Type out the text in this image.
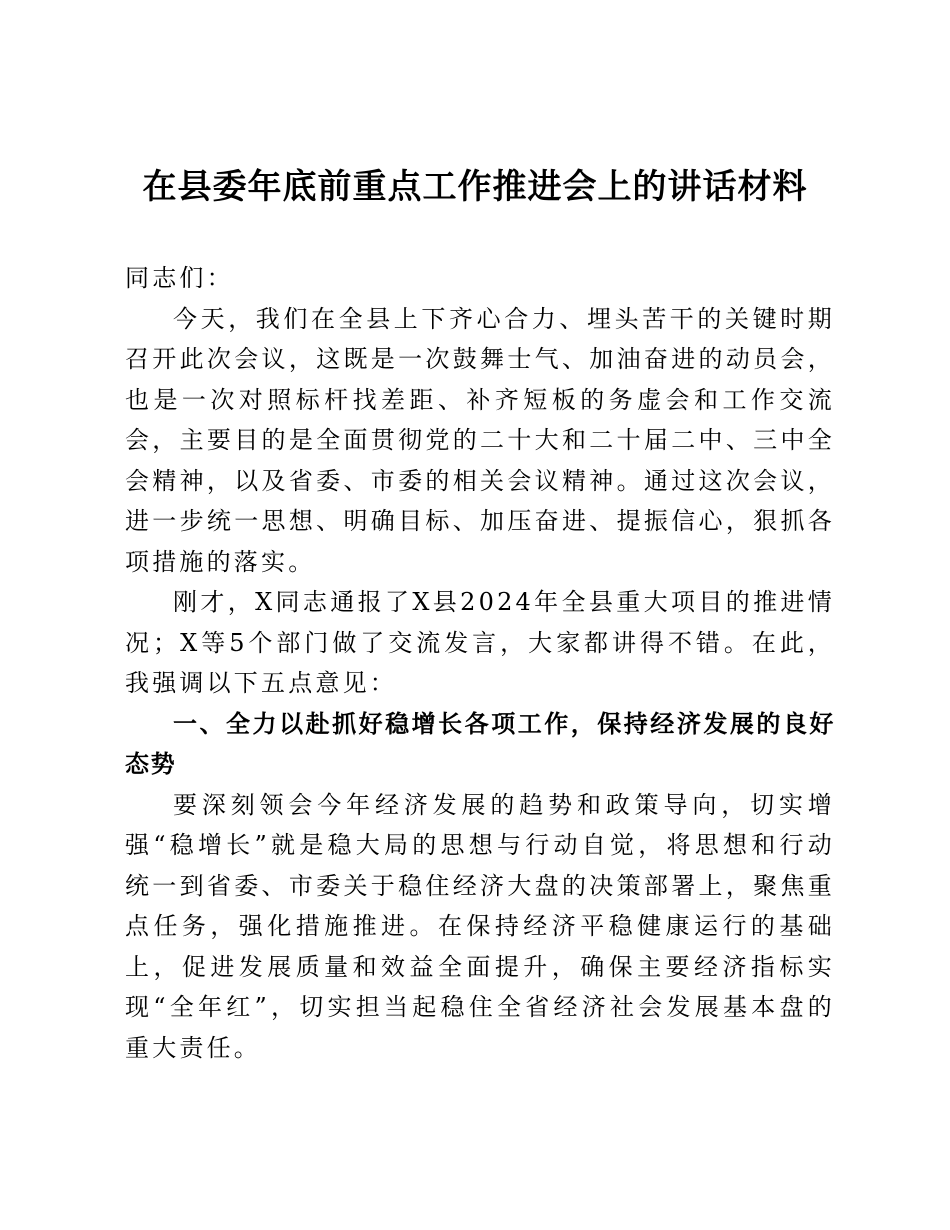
在县委年底前重点工作推进会上的讲话材料

同志们：

今天，我们在全县上下齐心合力、埋头苦干的关键时期召开此次会议，这既是一次鼓舞士气、加油奋进的动员会，也是一次对照标杆找差距、补齐短板的务虚会和工作交流会，主要目的是全面贯彻党的二十大和二十届二中、三中全会精神，以及省委、市委的相关会议精神。通过这次会议，进一步统一思想、明确目标、加压奋进、提振信心，狠抓各项措施的落实。

刚才，X同志通报了X县2024年全县重大项目的推进情况；X等5个部门做了交流发言，大家都讲得不错。在此，我强调以下五点意见：

一、全力以赴抓好稳增长各项工作，保持经济发展的良好态势

要深刻领会今年经济发展的趋势和政策导向，切实增强“稳增长”就是稳大局的思想与行动自觉，将思想和行动统一到省委、市委关于稳住经济大盘的决策部署上，聚焦重点任务，强化措施推进。在保持经济平稳健康运行的基础上，促进发展质量和效益全面提升，确保主要经济指标实现“全年红”，切实担当起稳住全省经济社会发展基本盘的重大责任。
